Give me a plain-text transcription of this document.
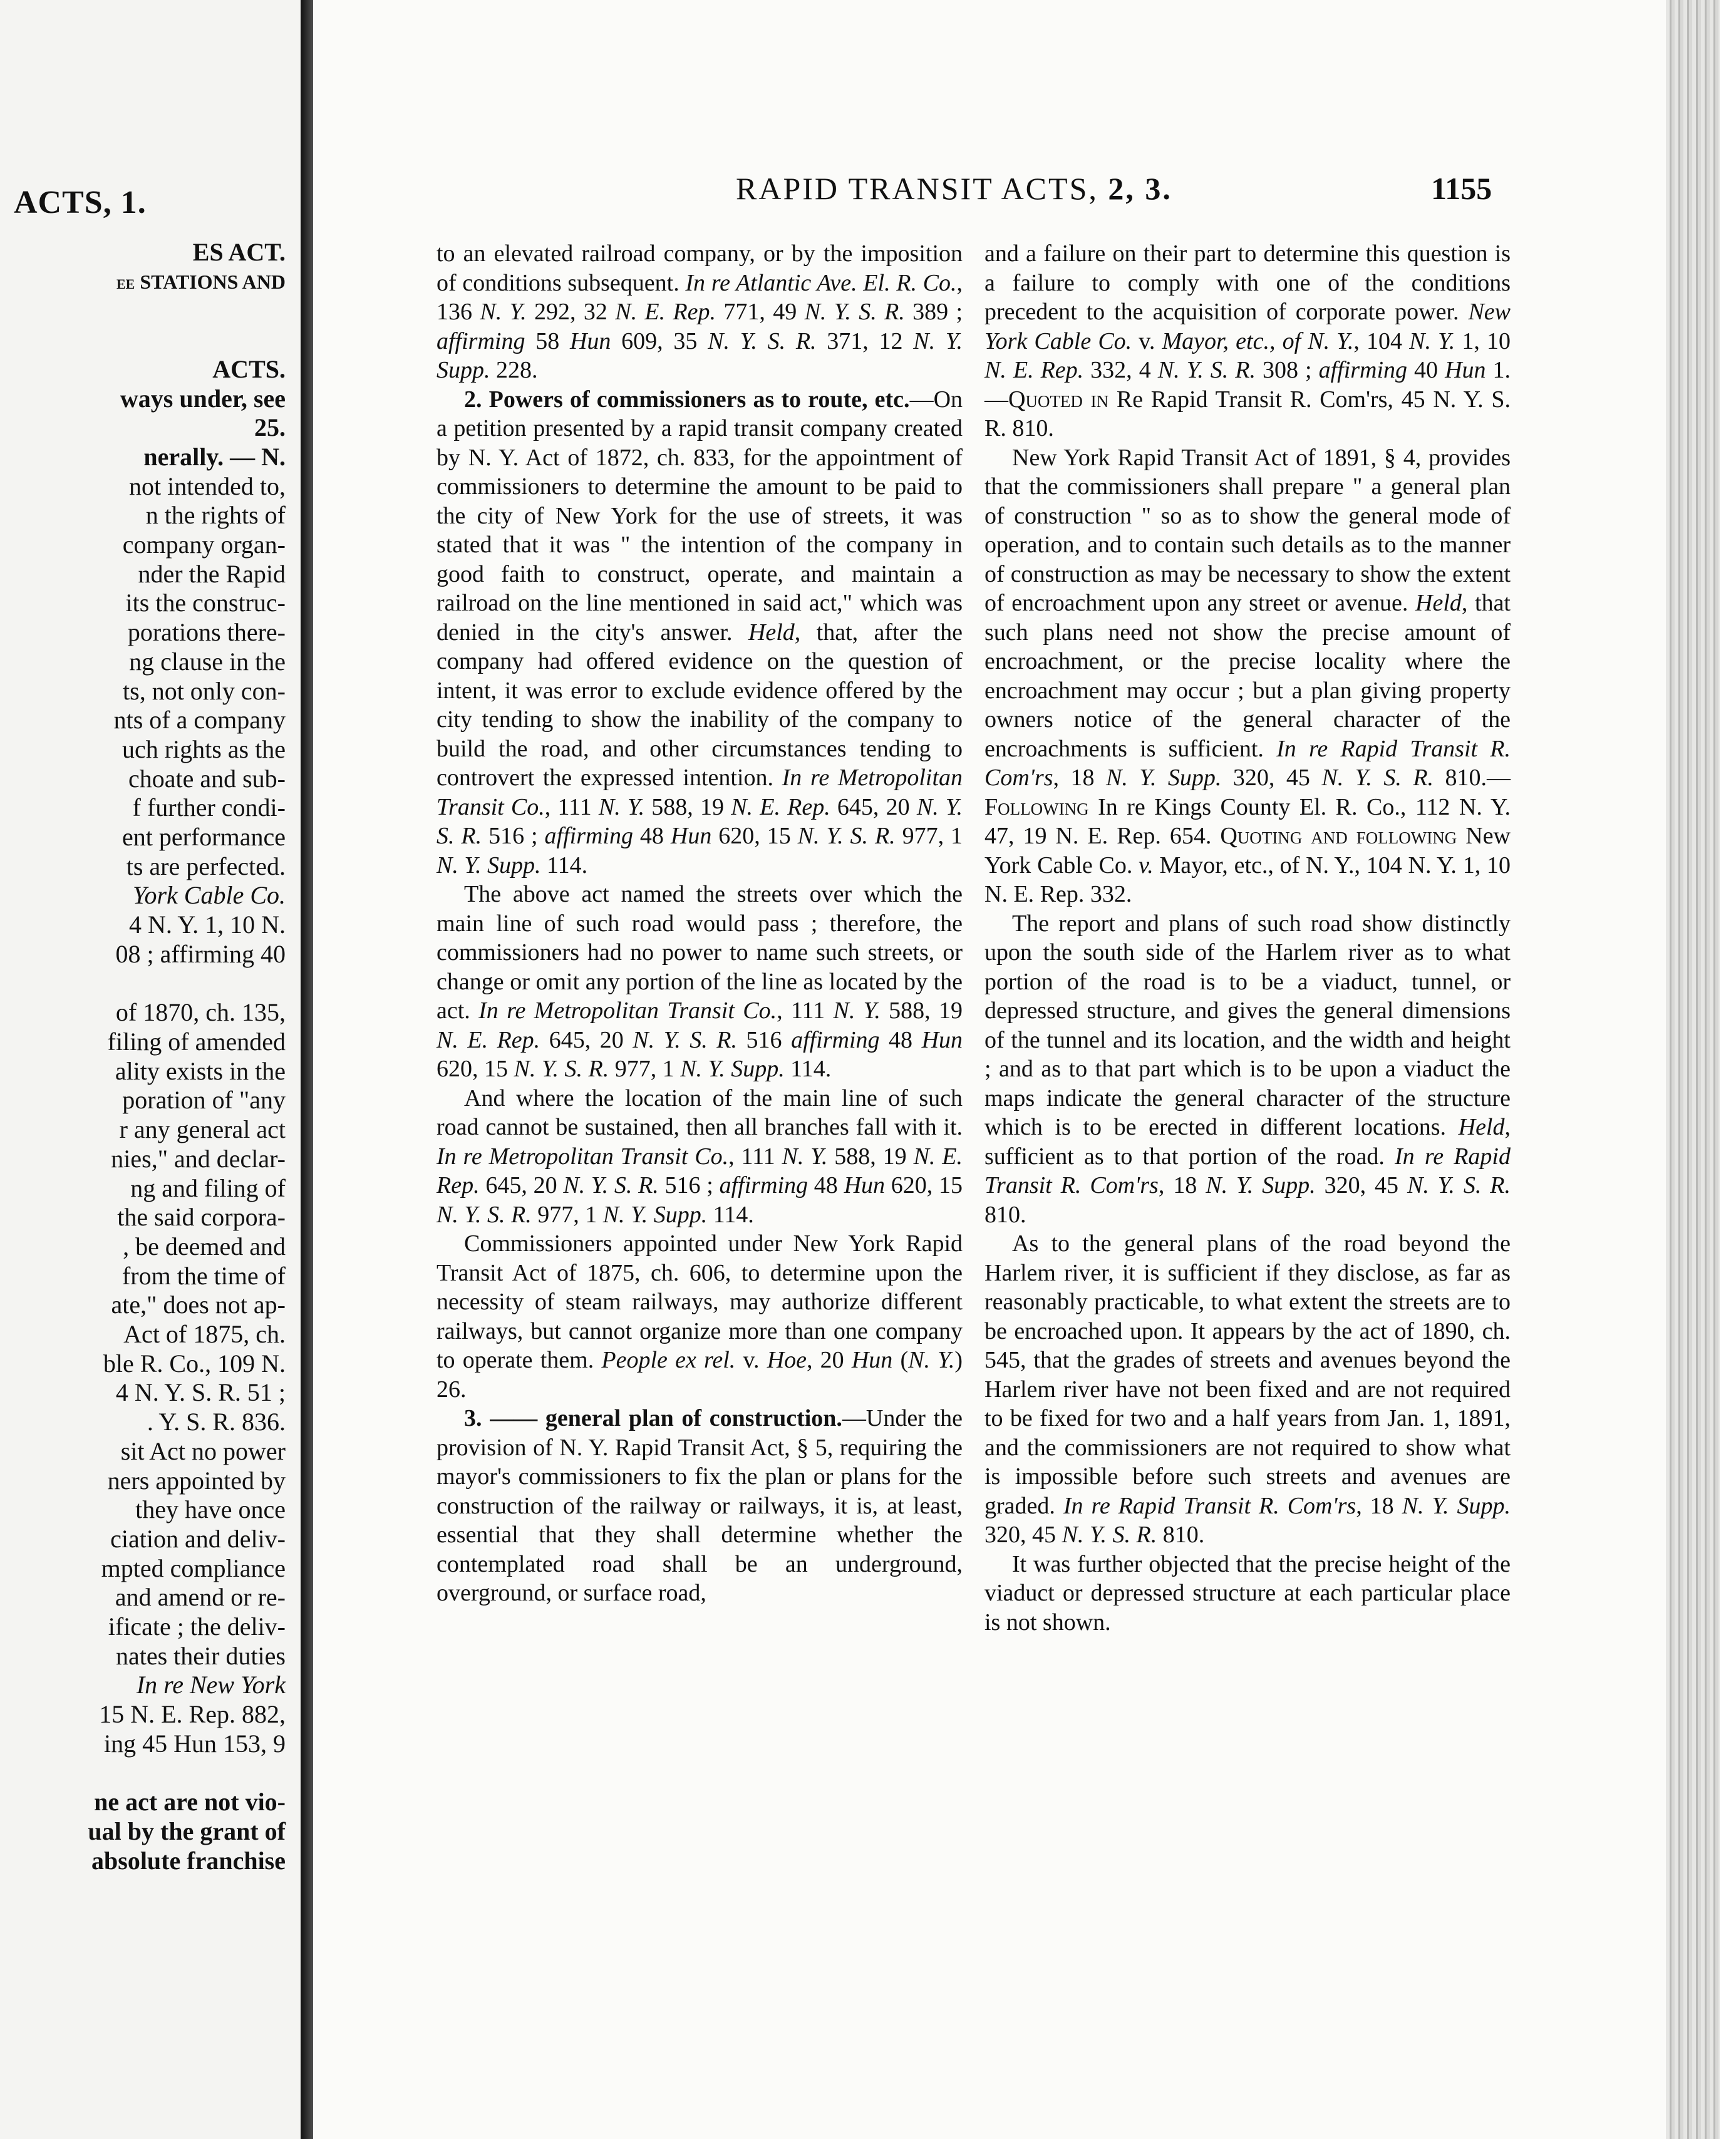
ACTS, 1.
ES ACT.
ee STATIONS AND

ACTS.
ways under, see
25.
nerally. — N.
not intended to,
n the rights of
company organ-
nder the Rapid
its the construc-
porations there-
ng clause in the
ts, not only con-
nts of a company
uch rights as the
choate and sub-
f further condi-
ent performance
ts are perfected.
York Cable Co.
4 N. Y. 1, 10 N.
08 ; affirming 40

of 1870, ch. 135,
filing of amended
ality exists in the
poration of "any
r any general act
nies," and declar-
ng and filing of
the said corpora-
, be deemed and
from the time of
ate," does not ap-
Act of 1875, ch.
ble R. Co., 109 N.
4 N. Y. S. R. 51 ;
. Y. S. R. 836.
sit Act no power
ners appointed by
they have once
ciation and deliv-
mpted compliance
and amend or re-
ificate ; the deliv-
nates their duties
In re New York
15 N. E. Rep. 882,
ing 45 Hun 153, 9

ne act are not vio-
ual by the grant of
absolute franchise
RAPID TRANSIT ACTS, 2, 3.	1155

to an elevated railroad company, or by the imposition of conditions subsequent. In re Atlantic Ave. El. R. Co., 136 N. Y. 292, 32 N. E. Rep. 771, 49 N. Y. S. R. 389 ; affirming 58 Hun 609, 35 N. Y. S. R. 371, 12 N. Y. Supp. 228.

2. Powers of commissioners as to route, etc.—On a petition presented by a rapid transit company created by N. Y. Act of 1872, ch. 833, for the appointment of commissioners to determine the amount to be paid to the city of New York for the use of streets, it was stated that it was " the intention of the company in good faith to construct, operate, and maintain a railroad on the line mentioned in said act," which was denied in the city's answer. Held, that, after the company had offered evidence on the question of intent, it was error to exclude evidence offered by the city tending to show the inability of the company to build the road, and other circumstances tending to controvert the expressed intention. In re Metropolitan Transit Co., 111 N. Y. 588, 19 N. E. Rep. 645, 20 N. Y. S. R. 516 ; affirming 48 Hun 620, 15 N. Y. S. R. 977, 1 N. Y. Supp. 114.

The above act named the streets over which the main line of such road would pass ; therefore, the commissioners had no power to name such streets, or change or omit any portion of the line as located by the act. In re Metropolitan Transit Co., 111 N. Y. 588, 19 N. E. Rep. 645, 20 N. Y. S. R. 516 affirming 48 Hun 620, 15 N. Y. S. R. 977, 1 N. Y. Supp. 114.

And where the location of the main line of such road cannot be sustained, then all branches fall with it. In re Metropolitan Transit Co., 111 N. Y. 588, 19 N. E. Rep. 645, 20 N. Y. S. R. 516 ; affirming 48 Hun 620, 15 N. Y. S. R. 977, 1 N. Y. Supp. 114.

Commissioners appointed under New York Rapid Transit Act of 1875, ch. 606, to determine upon the necessity of steam railways, may authorize different railways, but cannot organize more than one company to operate them. People ex rel. v. Hoe, 20 Hun (N. Y.) 26.

3. —— general plan of construction.—Under the provision of N. Y. Rapid Transit Act, § 5, requiring the mayor's commissioners to fix the plan or plans for the construction of the railway or railways, it is, at least, essential that they shall determine whether the contemplated road shall be an underground, overground, or surface road,

and a failure on their part to determine this question is a failure to comply with one of the conditions precedent to the acquisition of corporate power. New York Cable Co. v. Mayor, etc., of N. Y., 104 N. Y. 1, 10 N. E. Rep. 332, 4 N. Y. S. R. 308 ; affirming 40 Hun 1.—Quoted in Re Rapid Transit R. Com'rs, 45 N. Y. S. R. 810.

New York Rapid Transit Act of 1891, § 4, provides that the commissioners shall prepare " a general plan of construction " so as to show the general mode of operation, and to contain such details as to the manner of construction as may be necessary to show the extent of encroachment upon any street or avenue. Held, that such plans need not show the precise amount of encroachment, or the precise locality where the encroachment may occur ; but a plan giving property owners notice of the general character of the encroachments is sufficient. In re Rapid Transit R. Com'rs, 18 N. Y. Supp. 320, 45 N. Y. S. R. 810.—Following In re Kings County El. R. Co., 112 N. Y. 47, 19 N. E. Rep. 654. Quoting and following New York Cable Co. v. Mayor, etc., of N. Y., 104 N. Y. 1, 10 N. E. Rep. 332.

The report and plans of such road show distinctly upon the south side of the Harlem river as to what portion of the road is to be a viaduct, tunnel, or depressed structure, and gives the general dimensions of the tunnel and its location, and the width and height ; and as to that part which is to be upon a viaduct the maps indicate the general character of the structure which is to be erected in different locations. Held, sufficient as to that portion of the road. In re Rapid Transit R. Com'rs, 18 N. Y. Supp. 320, 45 N. Y. S. R. 810.

As to the general plans of the road beyond the Harlem river, it is sufficient if they disclose, as far as reasonably practicable, to what extent the streets are to be encroached upon. It appears by the act of 1890, ch. 545, that the grades of streets and avenues beyond the Harlem river have not been fixed and are not required to be fixed for two and a half years from Jan. 1, 1891, and the commissioners are not required to show what is impossible before such streets and avenues are graded. In re Rapid Transit R. Com'rs, 18 N. Y. Supp. 320, 45 N. Y. S. R. 810.

It was further objected that the precise height of the viaduct or depressed structure at each particular place is not shown.
